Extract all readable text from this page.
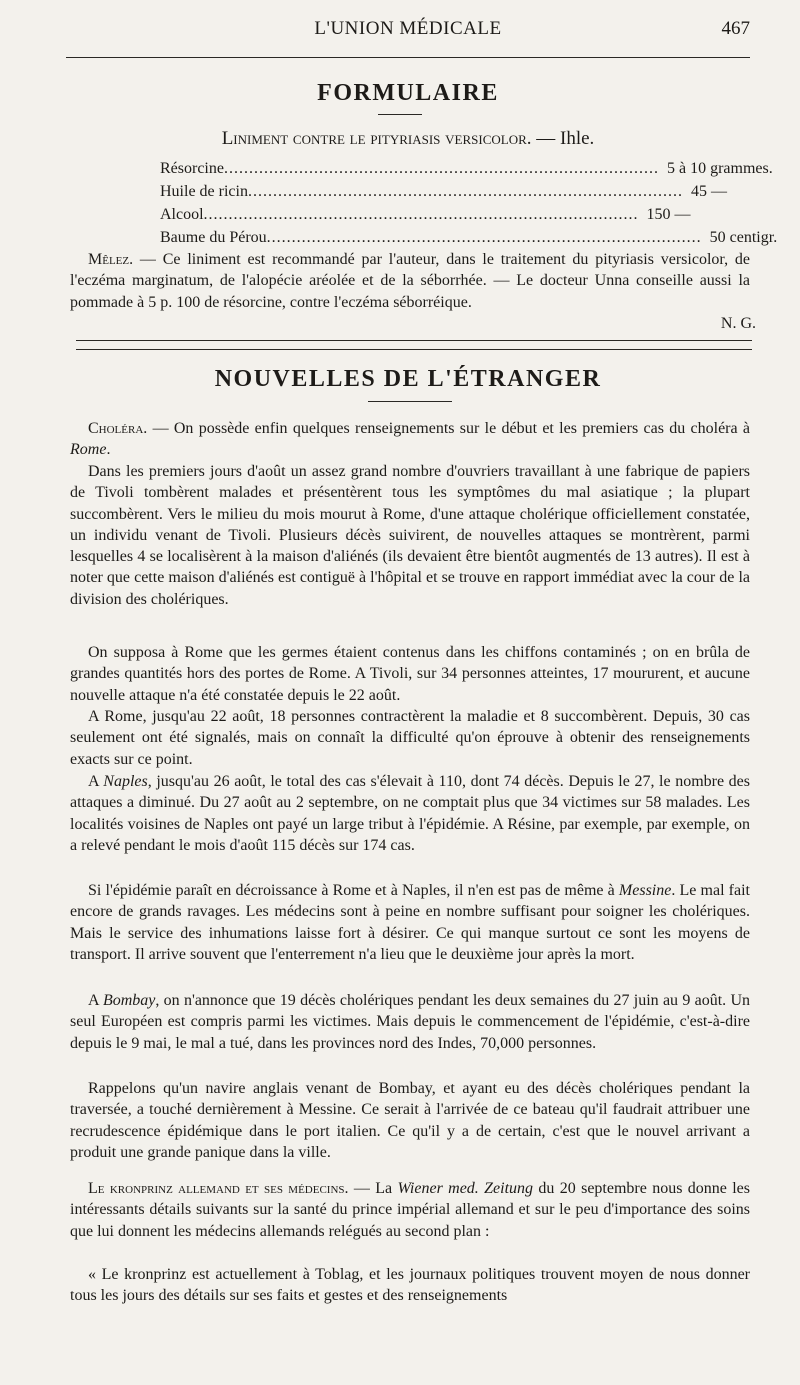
L'UNION MÉDICALE	467
FORMULAIRE
Liniment contre le pityriasis versicolor. — Ihle.
Résorcine ....................................................................................... 5 à 10 grammes.
Huile de ricin ....................................................................................... 45 —
Alcool ....................................................................................... 150 —
Baume du Pérou ....................................................................................... 50 centigr.

Mêlez. — Ce liniment est recommandé par l'auteur, dans le traitement du pityriasis versicolor, de l'eczéma marginatum, de l'alopécie aréolée et de la séborrhée. — Le docteur Unna conseille aussi la pommade à 5 p. 100 de résorcine, contre l'eczéma séborréique.

N. G.
NOUVELLES DE L'ÉTRANGER

Choléra. — On possède enfin quelques renseignements sur le début et les premiers cas du choléra à Rome.

Dans les premiers jours d'août un assez grand nombre d'ouvriers travaillant à une fabrique de papiers de Tivoli tombèrent malades et présentèrent tous les symptômes du mal asiatique ; la plupart succombèrent. Vers le milieu du mois mourut à Rome, d'une attaque cholérique officiellement constatée, un individu venant de Tivoli. Plusieurs décès suivirent, de nouvelles attaques se montrèrent, parmi lesquelles 4 se localisèrent à la maison d'aliénés (ils devaient être bientôt augmentés de 13 autres). Il est à noter que cette maison d'aliénés est contiguë à l'hôpital et se trouve en rapport immédiat avec la cour de la division des cholériques.

On supposa à Rome que les germes étaient contenus dans les chiffons contaminés ; on en brûla de grandes quantités hors des portes de Rome. A Tivoli, sur 34 personnes atteintes, 17 moururent, et aucune nouvelle attaque n'a été constatée depuis le 22 août.

A Rome, jusqu'au 22 août, 18 personnes contractèrent la maladie et 8 succombèrent. Depuis, 30 cas seulement ont été signalés, mais on connaît la difficulté qu'on éprouve à obtenir des renseignements exacts sur ce point.

A Naples, jusqu'au 26 août, le total des cas s'élevait à 110, dont 74 décès. Depuis le 27, le nombre des attaques a diminué. Du 27 août au 2 septembre, on ne comptait plus que 34 victimes sur 58 malades. Les localités voisines de Naples ont payé un large tribut à l'épidémie. A Résine, par exemple, par exemple, on a relevé pendant le mois d'août 115 décès sur 174 cas.

Si l'épidémie paraît en décroissance à Rome et à Naples, il n'en est pas de même à Messine. Le mal fait encore de grands ravages. Les médecins sont à peine en nombre suffisant pour soigner les cholériques. Mais le service des inhumations laisse fort à désirer. Ce qui manque surtout ce sont les moyens de transport. Il arrive souvent que l'enterrement n'a lieu que le deuxième jour après la mort.

A Bombay, on n'annonce que 19 décès cholériques pendant les deux semaines du 27 juin au 9 août. Un seul Européen est compris parmi les victimes. Mais depuis le commencement de l'épidémie, c'est-à-dire depuis le 9 mai, le mal a tué, dans les provinces nord des Indes, 70,000 personnes.

Rappelons qu'un navire anglais venant de Bombay, et ayant eu des décès cholériques pendant la traversée, a touché dernièrement à Messine. Ce serait à l'arrivée de ce bateau qu'il faudrait attribuer une recrudescence épidémique dans le port italien. Ce qu'il y a de certain, c'est que le nouvel arrivant a produit une grande panique dans la ville.

Le kronprinz allemand et ses médecins. — La Wiener med. Zeitung du 20 septembre nous donne les intéressants détails suivants sur la santé du prince impérial allemand et sur le peu d'importance des soins que lui donnent les médecins allemands relégués au second plan :

« Le kronprinz est actuellement à Toblag, et les journaux politiques trouvent moyen de nous donner tous les jours des détails sur ses faits et gestes et des renseignements
